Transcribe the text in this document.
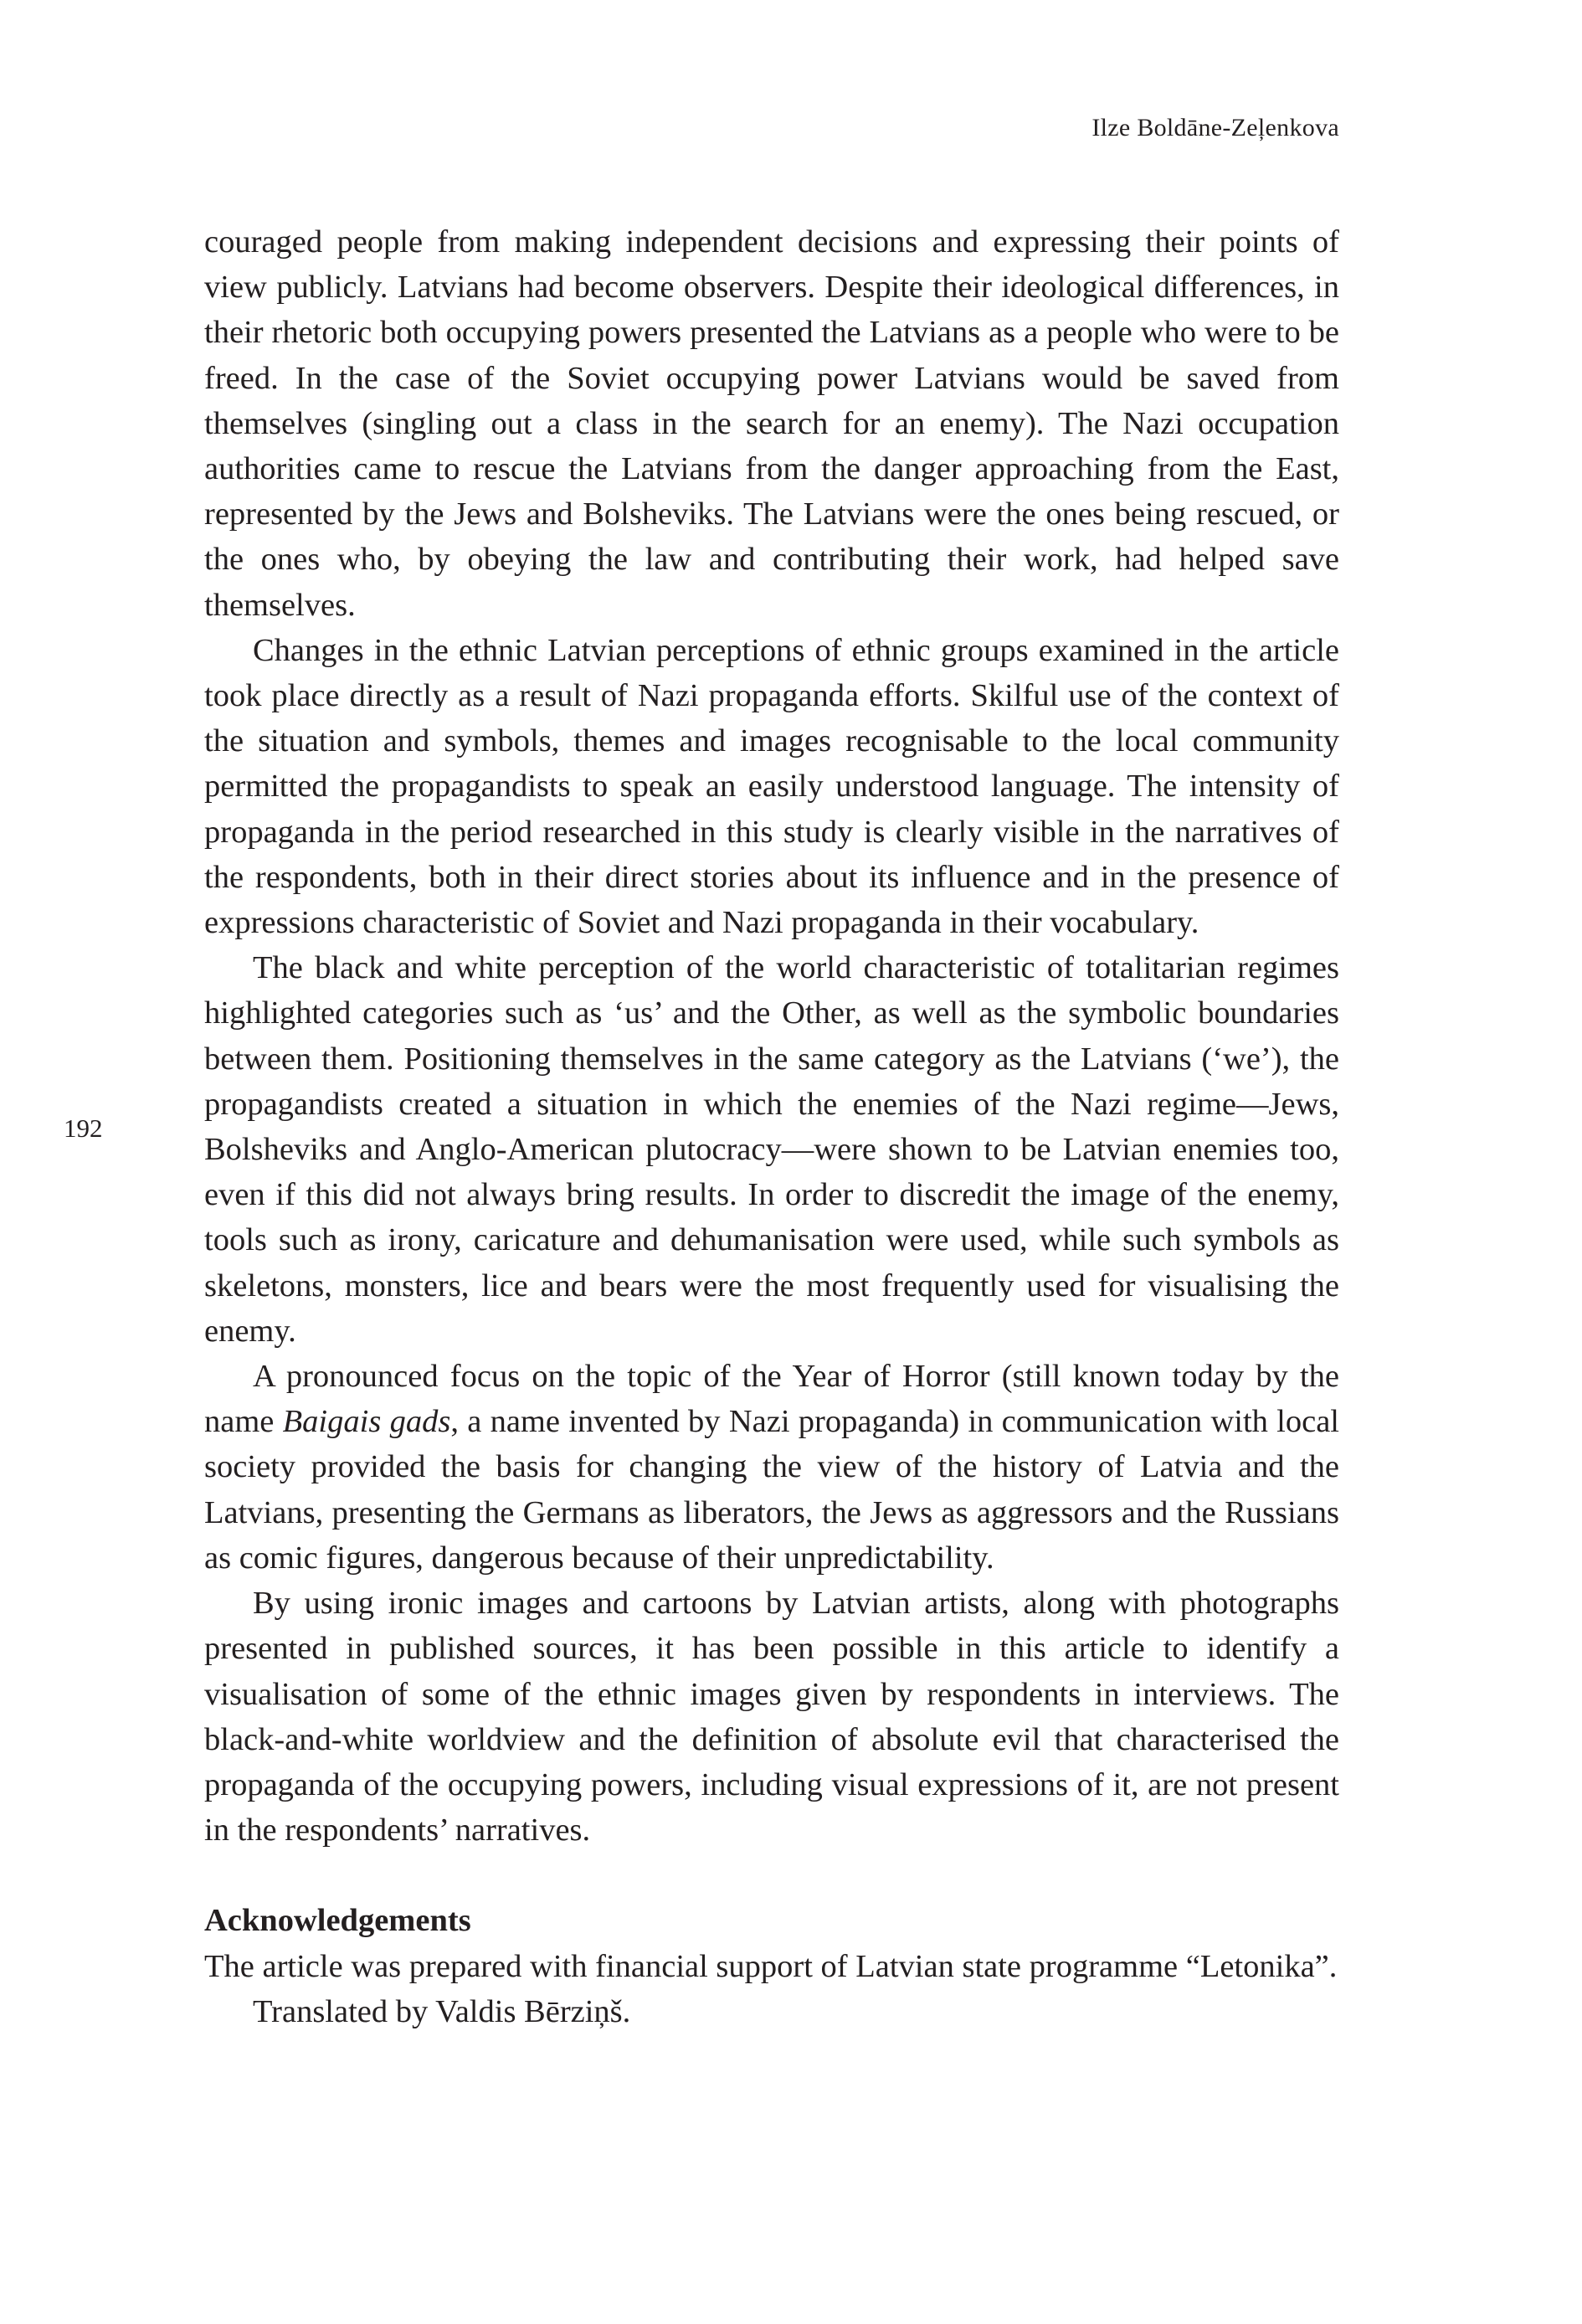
Ilze Boldāne-Zeļenkova
192

couraged people from making independent decisions and expressing their points of view publicly. Latvians had become observers. Despite their ideological differences, in their rhetoric both occupying powers presented the Latvians as a people who were to be freed. In the case of the Soviet occupying power Latvians would be saved from themselves (singling out a class in the search for an enemy). The Nazi occupation authorities came to rescue the Latvians from the danger approaching from the East, represented by the Jews and Bolsheviks. The Latvians were the ones being rescued, or the ones who, by obeying the law and contributing their work, had helped save themselves.

Changes in the ethnic Latvian perceptions of ethnic groups examined in the article took place directly as a result of Nazi propaganda efforts. Skilful use of the context of the situation and symbols, themes and images recognisable to the local community permitted the propagandists to speak an easily understood language. The intensity of propaganda in the period researched in this study is clearly visible in the narratives of the respondents, both in their direct stories about its influence and in the presence of expressions characteristic of Soviet and Nazi propaganda in their vocabulary.

The black and white perception of the world characteristic of totalitarian regimes highlighted categories such as ‘us’ and the Other, as well as the symbolic boundaries between them. Positioning themselves in the same category as the Latvians (‘we’), the propagandists created a situation in which the enemies of the Nazi regime—Jews, Bolsheviks and Anglo-American plutocracy—were shown to be Latvian enemies too, even if this did not always bring results. In order to discredit the image of the enemy, tools such as irony, caricature and dehumanisation were used, while such symbols as skeletons, monsters, lice and bears were the most frequently used for visualising the enemy.

A pronounced focus on the topic of the Year of Horror (still known today by the name Baigais gads, a name invented by Nazi propaganda) in communication with local society provided the basis for changing the view of the history of Latvia and the Latvians, presenting the Germans as liberators, the Jews as aggressors and the Russians as comic figures, dangerous because of their unpredictability.

By using ironic images and cartoons by Latvian artists, along with photographs presented in published sources, it has been possible in this article to identify a visualisation of some of the ethnic images given by respondents in interviews. The black-and-white worldview and the definition of absolute evil that characterised the propaganda of the occupying powers, including visual expressions of it, are not present in the respondents’ narratives.

Acknowledgements

The article was prepared with financial support of Latvian state programme “Letonika”.

Translated by Valdis Bērziņš.
